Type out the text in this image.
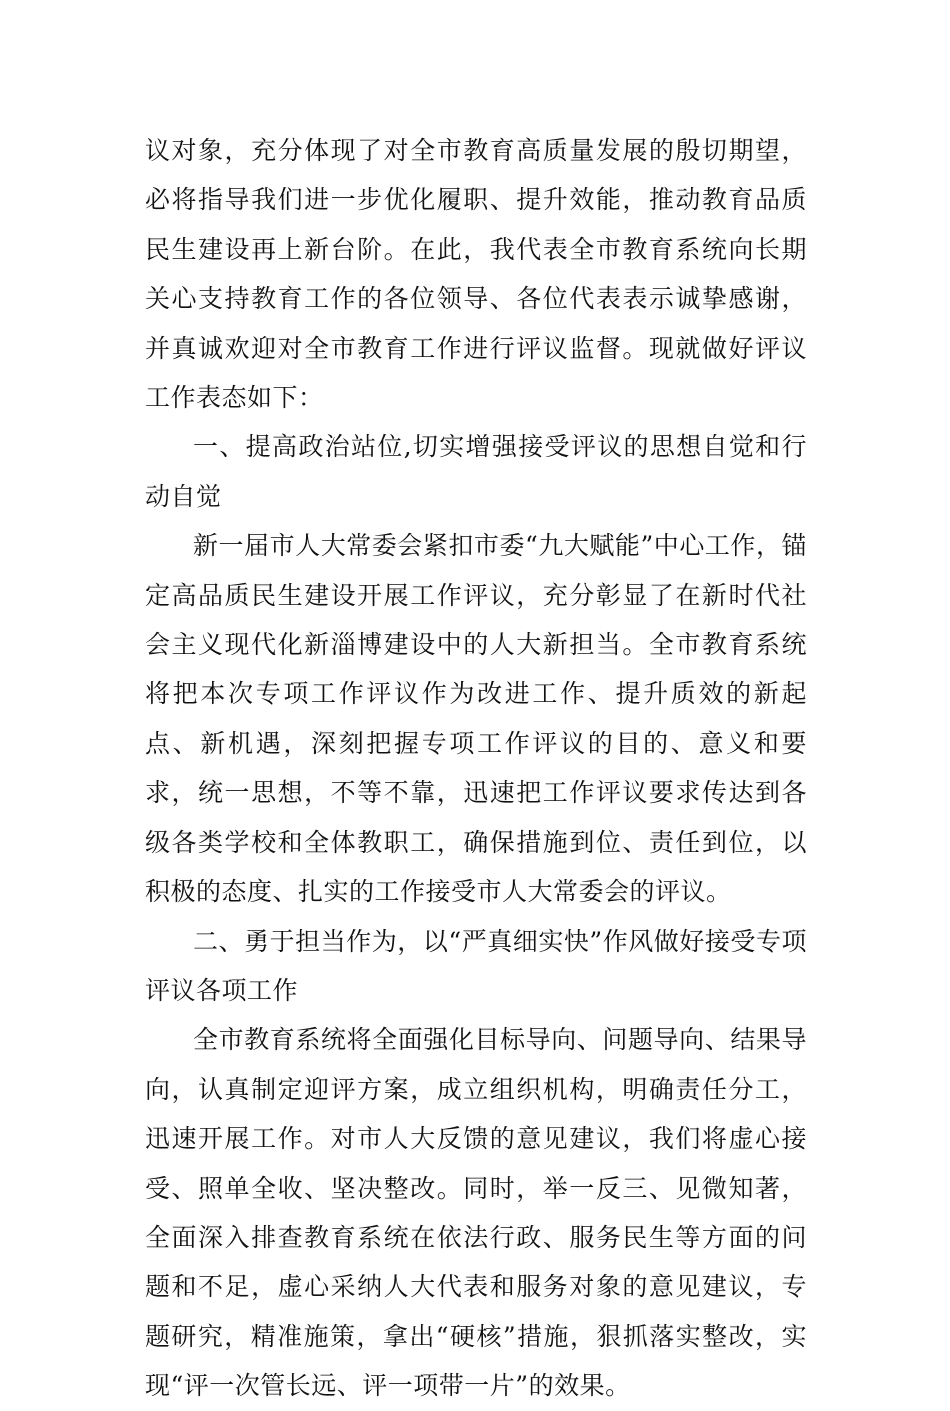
议对象，充分体现了对全市教育高质量发展的殷切期望，必将指导我们进一步优化履职、提升效能，推动教育品质民生建设再上新台阶。在此，我代表全市教育系统向长期关心支持教育工作的各位领导、各位代表表示诚挚感谢，并真诚欢迎对全市教育工作进行评议监督。现就做好评议工作表态如下：

一、提高政治站位,切实增强接受评议的思想自觉和行动自觉

新一届市人大常委会紧扣市委“九大赋能”中心工作，锚定高品质民生建设开展工作评议，充分彰显了在新时代社会主义现代化新淄博建设中的人大新担当。全市教育系统将把本次专项工作评议作为改进工作、提升质效的新起点、新机遇，深刻把握专项工作评议的目的、意义和要求，统一思想，不等不靠，迅速把工作评议要求传达到各级各类学校和全体教职工，确保措施到位、责任到位，以积极的态度、扎实的工作接受市人大常委会的评议。

二、勇于担当作为，以“严真细实快”作风做好接受专项评议各项工作

全市教育系统将全面强化目标导向、问题导向、结果导向，认真制定迎评方案，成立组织机构，明确责任分工，迅速开展工作。对市人大反馈的意见建议，我们将虚心接受、照单全收、坚决整改。同时，举一反三、见微知著，全面深入排查教育系统在依法行政、服务民生等方面的问题和不足，虚心采纳人大代表和服务对象的意见建议，专题研究，精准施策，拿出“硬核”措施，狠抓落实整改，实现“评一次管长远、评一项带一片”的效果。
